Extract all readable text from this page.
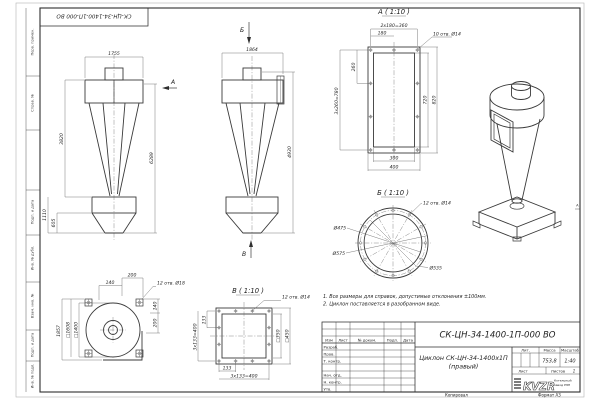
Перв. примен.
Справ. №
Подп. и дата
Инв. № дубл.
Взам. инв. №
Подп. и дата
Инв. № подл.
СК-ЦН-34-1400-1П-000 ВО
А
1755
3820
6289
1110
605
А
Б
1864
4930
В
А ( 1:10 )
2x180=360
180	10 отв. Ø14
260
3x260=780	720 820
300
400
Б ( 1:10 )
12 отв. Ø14
Ø475
Ø575
Ø535
В ( 1:10 )
12 отв. Ø14
133
3x133=400
133
3x133=400	□350 □450
200
140	12 отв. Ø18
140
200
1857 □1608 □1400
1. Все размеры для справок, допустимые отклонения ±100мм.
2. Циклон поставляется в разобранном виде.
Изм Лист	№ докум.	Подп. Дата
Разраб.
Пров.
Т. контр.
Нач. отд.
Н. контр.
Утв.
СК-ЦН-34-1400-1П-000 ВО
Циклон СК-ЦН-34-1400х1П
(правый)
Лит.	Масса Масштаб
753,8 1:40
Лист	Листов 1
KVZR
Котельный
завод РЭП
Копировал	Формат А3
